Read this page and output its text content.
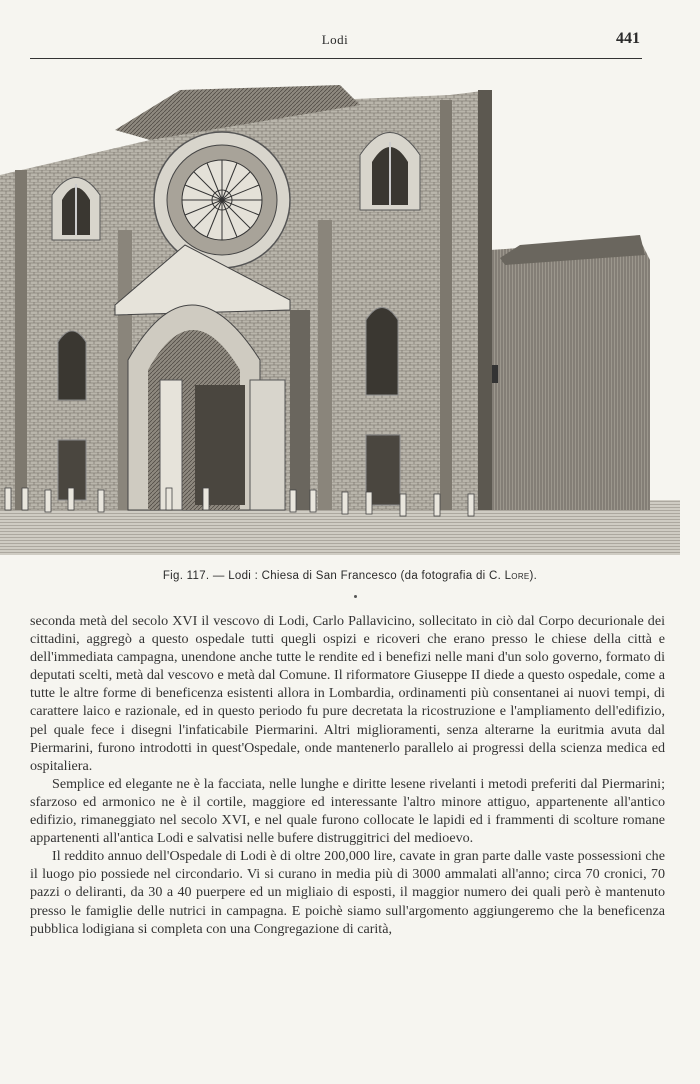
Lodi	441
Fig. 117. — Lodi : Chiesa di San Francesco (da fotografia di C. Lore).

seconda metà del secolo XVI il vescovo di Lodi, Carlo Pallavicino, sollecitato in ciò dal Corpo decurionale dei cittadini, aggregò a questo ospedale tutti quegli ospizi e ricoveri che erano presso le chiese della città e dell'immediata campagna, unendone anche tutte le rendite ed i benefizi nelle mani d'un solo governo, formato di deputati scelti, metà dal vescovo e metà dal Comune. Il riformatore Giuseppe II diede a questo ospedale, come a tutte le altre forme di beneficenza esistenti allora in Lombardia, ordinamenti più consentanei ai nuovi tempi, di carattere laico e razionale, ed in questo periodo fu pure decretata la ricostruzione e l'ampliamento dell'edifizio, pel quale fece i disegni l'infaticabile Piermarini. Altri miglioramenti, senza alterarne la euritmia avuta dal Piermarini, furono introdotti in quest'Ospedale, onde mantenerlo parallelo ai progressi della scienza medica ed ospitaliera.

Semplice ed elegante ne è la facciata, nelle lunghe e diritte lesene rivelanti i metodi preferiti dal Piermarini; sfarzoso ed armonico ne è il cortile, maggiore ed interessante l'altro minore attiguo, appartenente all'antico edifizio, rimaneggiato nel secolo XVI, e nel quale furono collocate le lapidi ed i frammenti di scolture romane appartenenti all'antica Lodi e salvatisi nelle bufere distruggitrici del medioevo.

Il reddito annuo dell'Ospedale di Lodi è di oltre 200,000 lire, cavate in gran parte dalle vaste possessioni che il luogo pio possiede nel circondario. Vi si curano in media più di 3000 ammalati all'anno; circa 70 cronici, 70 pazzi o deliranti, da 30 a 40 puerpere ed un migliaio di esposti, il maggior numero dei quali però è mantenuto presso le famiglie delle nutrici in campagna. E poichè siamo sull'argomento aggiungeremo che la beneficenza pubblica lodigiana si completa con una Congregazione di carità,
